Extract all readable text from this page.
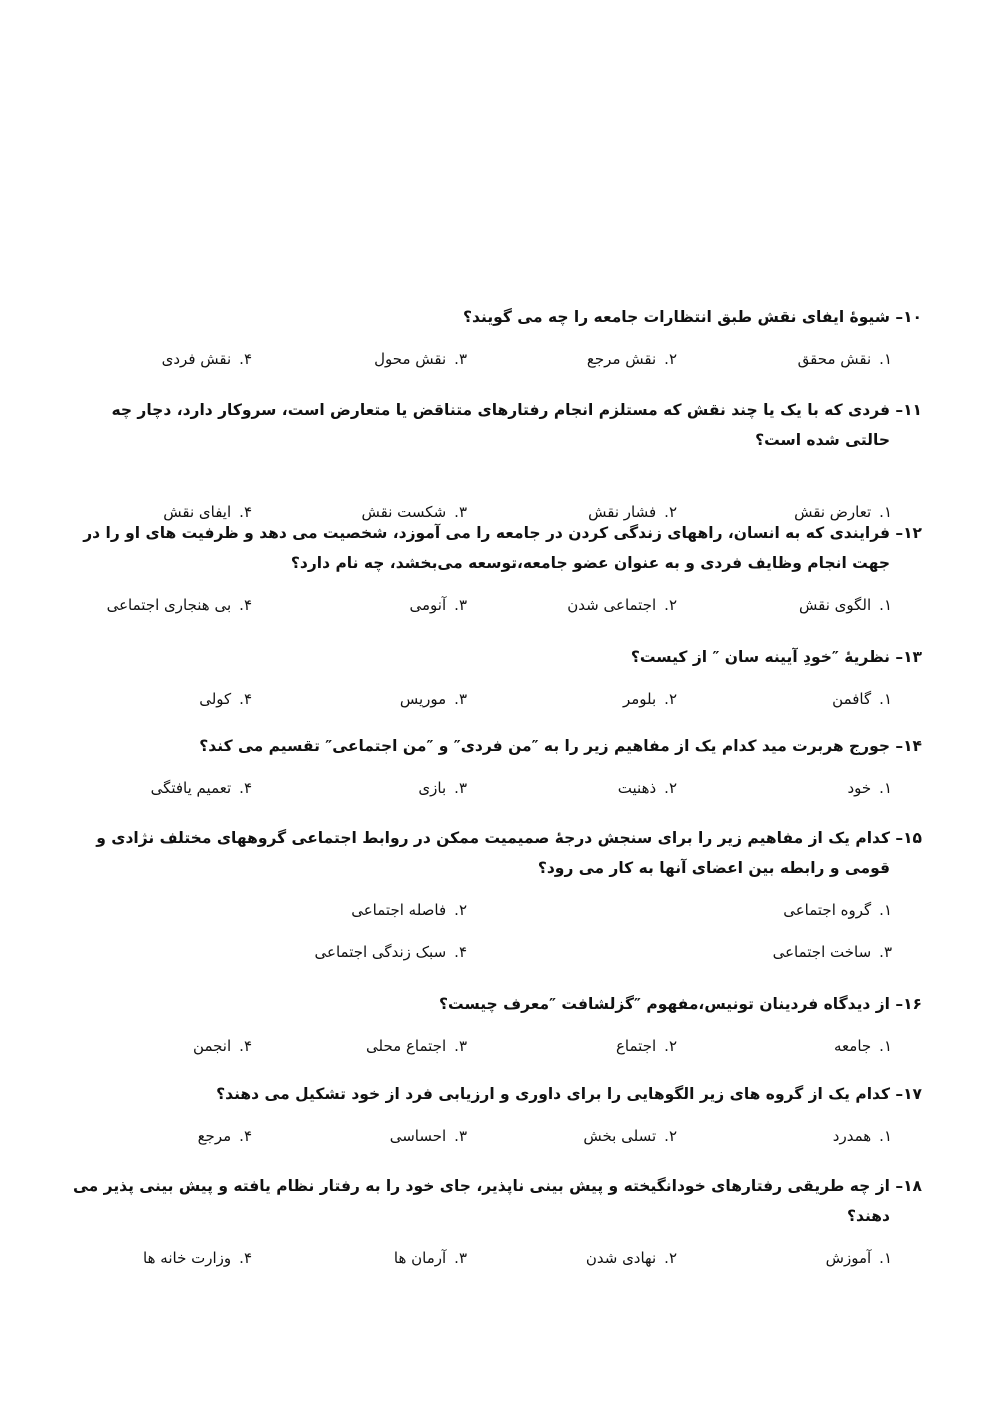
۱۰–
شیوهٔ ایفای نقش طبق انتظارات جامعه را چه می گویند؟

۱.نقش محقق
۲.نقش مرجع
۳.نقش محول
۴.نقش فردی

۱۱–
فردی که با یک یا چند نقش که مستلزم انجام رفتارهای متناقض یا متعارض است، سروکار دارد، دچار چه حالتی شده است؟

۱.تعارض نقش
۲.فشار نقش
۳.شکست نقش
۴.ایفای نقش

۱۲–
فرایندی که به انسان، راههای زندگی کردن در جامعه را می آموزد، شخصیت می دهد و ظرفیت های او را در جهت انجام وظایف فردی و به عنوان عضو جامعه،توسعه می‌بخشد، چه نام دارد؟

۱.الگوی نقش
۲.اجتماعی شدن
۳.آنومی
۴.بی هنجاری اجتماعی

۱۳–
نظریهٔ ″خودِ آیینه سان ″ از کیست؟

۱.گافمن
۲.بلومر
۳.موریس
۴.کولی

۱۴–
جورج هربرت مید کدام یک از مفاهیم زیر را به ″من فردی″ و ″من اجتماعی″ تقسیم می کند؟

۱.خود
۲.ذهنیت
۳.بازی
۴.تعمیم یافتگی

۱۵–
کدام یک از مفاهیم زیر را برای سنجش درجهٔ صمیمیت ممکن در روابط اجتماعی گروههای مختلف نژادی و قومی و رابطه بین اعضای آنها به کار می رود؟

۱.گروه اجتماعی
۲.فاصله اجتماعی
۳.ساخت اجتماعی
۴.سبک زندگی اجتماعی

۱۶–
از دیدگاه فردینان تونیس،مفهوم ″گزلشافت ″معرف چیست؟

۱.جامعه
۲.اجتماع
۳.اجتماع محلی
۴.انجمن

۱۷–
کدام یک از گروه های زیر الگوهایی را برای داوری و ارزیابی فرد از خود تشکیل می دهند؟

۱.همدرد
۲.تسلی بخش
۳.احساسی
۴.مرجع

۱۸–
از چه طریقی رفتارهای خودانگیخته و پیش بینی ناپذیر، جای خود را به رفتار نظام یافته و پیش بینی پذیر می دهند؟

۱.آموزش
۲.نهادی شدن
۳.آرمان ها
۴.وزارت خانه ها
